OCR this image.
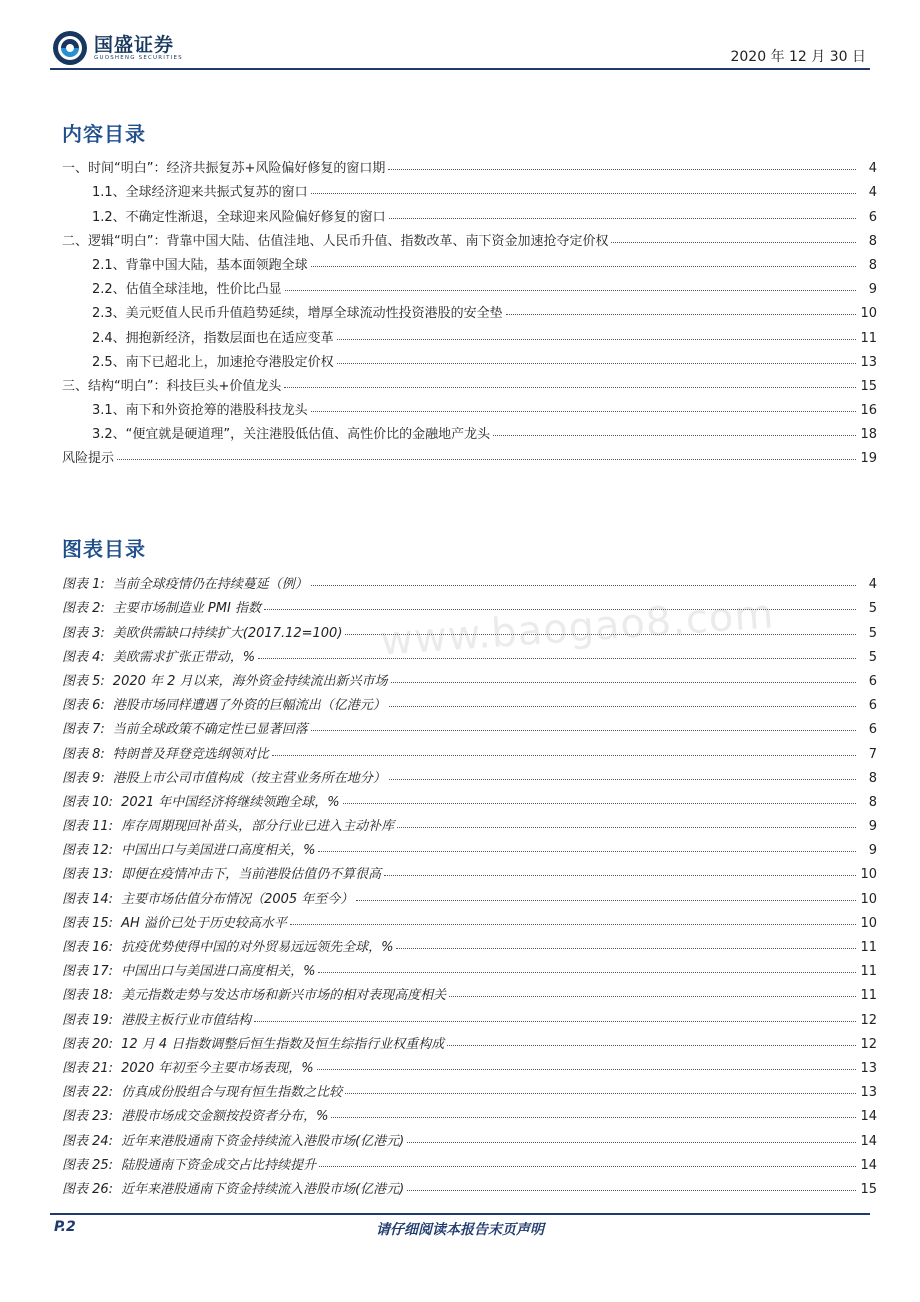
国盛证券
GUOSHENG SECURITIES	2020 年 12 月 30 日
内容目录
一、时间“明白”：经济共振复苏+风险偏好修复的窗口期	4
1.1、全球经济迎来共振式复苏的窗口	4
1.2、不确定性渐退，全球迎来风险偏好修复的窗口	6
二、逻辑“明白”：背靠中国大陆、估值洼地、人民币升值、指数改革、南下资金加速抢夺定价权	8
2.1、背靠中国大陆，基本面领跑全球	8
2.2、估值全球洼地，性价比凸显	9
2.3、美元贬值人民币升值趋势延续，增厚全球流动性投资港股的安全垫	10
2.4、拥抱新经济，指数层面也在适应变革	11
2.5、南下已超北上，加速抢夺港股定价权	13
三、结构“明白”：科技巨头+价值龙头	15
3.1、南下和外资抢筹的港股科技龙头	16
3.2、“便宜就是硬道理”，关注港股低估值、高性价比的金融地产龙头	18
风险提示	19
图表目录
图表 1: 当前全球疫情仍在持续蔓延（例）	4
图表 2: 主要市场制造业 PMI 指数	5
图表 3: 美欧供需缺口持续扩大(2017.12=100)	5
图表 4: 美欧需求扩张正带动，%	5
图表 5: 2020 年 2 月以来，海外资金持续流出新兴市场	6
图表 6: 港股市场同样遭遇了外资的巨幅流出（亿港元）	6
图表 7: 当前全球政策不确定性已显著回落	6
图表 8: 特朗普及拜登竞选纲领对比	7
图表 9: 港股上市公司市值构成（按主营业务所在地分）	8
图表 10: 2021 年中国经济将继续领跑全球，%	8
图表 11: 库存周期现回补苗头，部分行业已进入主动补库	9
图表 12: 中国出口与美国进口高度相关，%	9
图表 13: 即便在疫情冲击下，当前港股估值仍不算很高	10
图表 14: 主要市场估值分布情况（2005 年至今）	10
图表 15: AH 溢价已处于历史较高水平	10
图表 16: 抗疫优势使得中国的对外贸易远远领先全球，%	11
图表 17: 中国出口与美国进口高度相关，%	11
图表 18: 美元指数走势与发达市场和新兴市场的相对表现高度相关	11
图表 19: 港股主板行业市值结构	12
图表 20: 12 月 4 日指数调整后恒生指数及恒生综指行业权重构成	12
图表 21: 2020 年初至今主要市场表现，%	13
图表 22: 仿真成份股组合与现有恒生指数之比较	13
图表 23: 港股市场成交金额按投资者分布，%	14
图表 24: 近年来港股通南下资金持续流入港股市场(亿港元)	14
图表 25: 陆股通南下资金成交占比持续提升	14
图表 26: 近年来港股通南下资金持续流入港股市场(亿港元)	15
www.baogao8.com
P.2	请仔细阅读本报告末页声明
